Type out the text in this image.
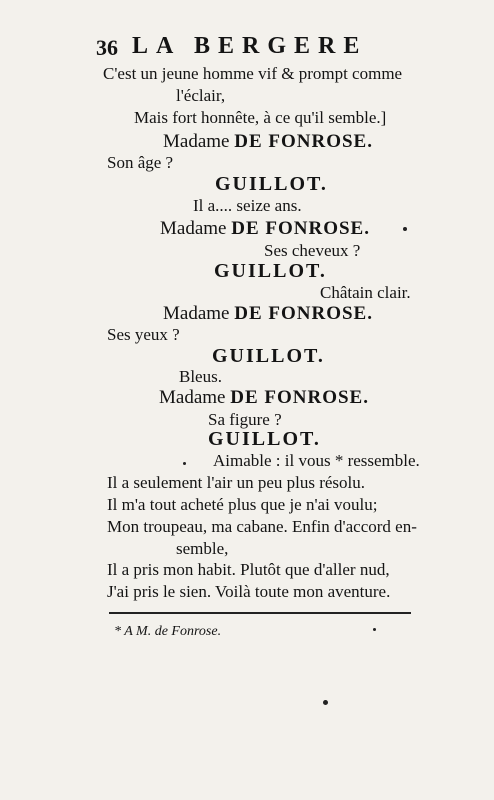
36 LA BERGERE
C'est un jeune homme vif & prompt comme
l'éclair,
Mais fort honnête, à ce qu'il semble.]
Madame DE FONROSE.
Son âge ?
GUILLOT.
Il a.... seize ans.
Madame DE FONROSE.
Ses cheveux ?
GUILLOT.
Châtain clair.
Madame DE FONROSE.
Ses yeux ?
GUILLOT.
Bleus.
Madame DE FONROSE.
Sa figure ?
GUILLOT.
Aimable : il vous * ressemble.
Il a seulement l'air un peu plus résolu.
Il m'a tout acheté plus que je n'ai voulu;
Mon troupeau, ma cabane. Enfin d'accord en-
semble,
Il a pris mon habit. Plutôt que d'aller nud,
J'ai pris le sien. Voilà toute mon aventure.
* A M. de Fonrose.
